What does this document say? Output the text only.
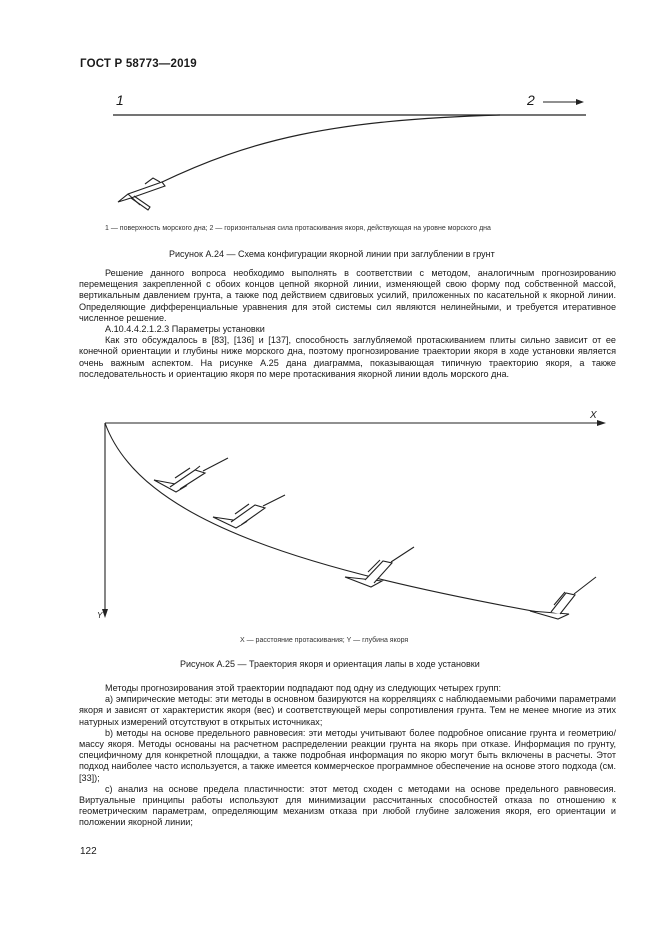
ГОСТ Р 58773—2019
1	2
1 — поверхность морского дна; 2 — горизонтальная сила протаскивания якоря, действующая на уровне морского дна
Рисунок А.24 — Схема конфигурации якорной линии при заглублении в грунт

Решение данного вопроса необходимо выполнять в соответствии с методом, аналогичным прогнозированию перемещения закрепленной с обоих концов цепной якорной линии, изменяющей свою форму под собственной массой, вертикальным давлением грунта, а также под действием сдвиговых усилий, приложенных по касательной к якорной линии. Определяющие дифференциальные уравнения для этой системы сил являются нелинейными, и требуется итеративное численное решение.

А.10.4.4.2.1.2.3 Параметры установки

Как это обсуждалось в [83], [136] и [137], способность заглубляемой протаскиванием плиты сильно зависит от ее конечной ориентации и глубины ниже морского дна, поэтому прогнозирование траектории якоря в ходе установки является очень важным аспектом. На рисунке А.25 дана диаграмма, показывающая типичную траекторию якоря, а также последовательность и ориентацию якоря по мере протаскивания якорной линии вдоль морского дна.

X
Y
X — расстояние протаскивания; Y — глубина якоря
Рисунок А.25 — Траектория якоря и ориентация лапы в ходе установки

Методы прогнозирования этой траектории подпадают под одну из следующих четырех групп:

а) эмпирические методы: эти методы в основном базируются на корреляциях с наблюдаемыми рабочими параметрами якоря и зависят от характеристик якоря (вес) и соответствующей меры сопротивления грунта. Тем не менее многие из этих натурных измерений отсутствуют в открытых источниках;

b) методы на основе предельного равновесия: эти методы учитывают более подробное описание грунта и геометрию/массу якоря. Методы основаны на расчетном распределении реакции грунта на якорь при отказе. Информация по грунту, специфичному для конкретной площадки, а также подробная информация по якорю могут быть включены в расчеты. Этот подход наиболее часто используется, а также имеется коммерческое программное обеспечение на основе этого подхода (см. [33]);

c) анализ на основе предела пластичности: этот метод сходен с методами на основе предельного равновесия. Виртуальные принципы работы используют для минимизации рассчитанных способностей отказа по отношению к геометрическим параметрам, определяющим механизм отказа при любой глубине заложения якоря, его ориентации и положении якорной линии;

122
